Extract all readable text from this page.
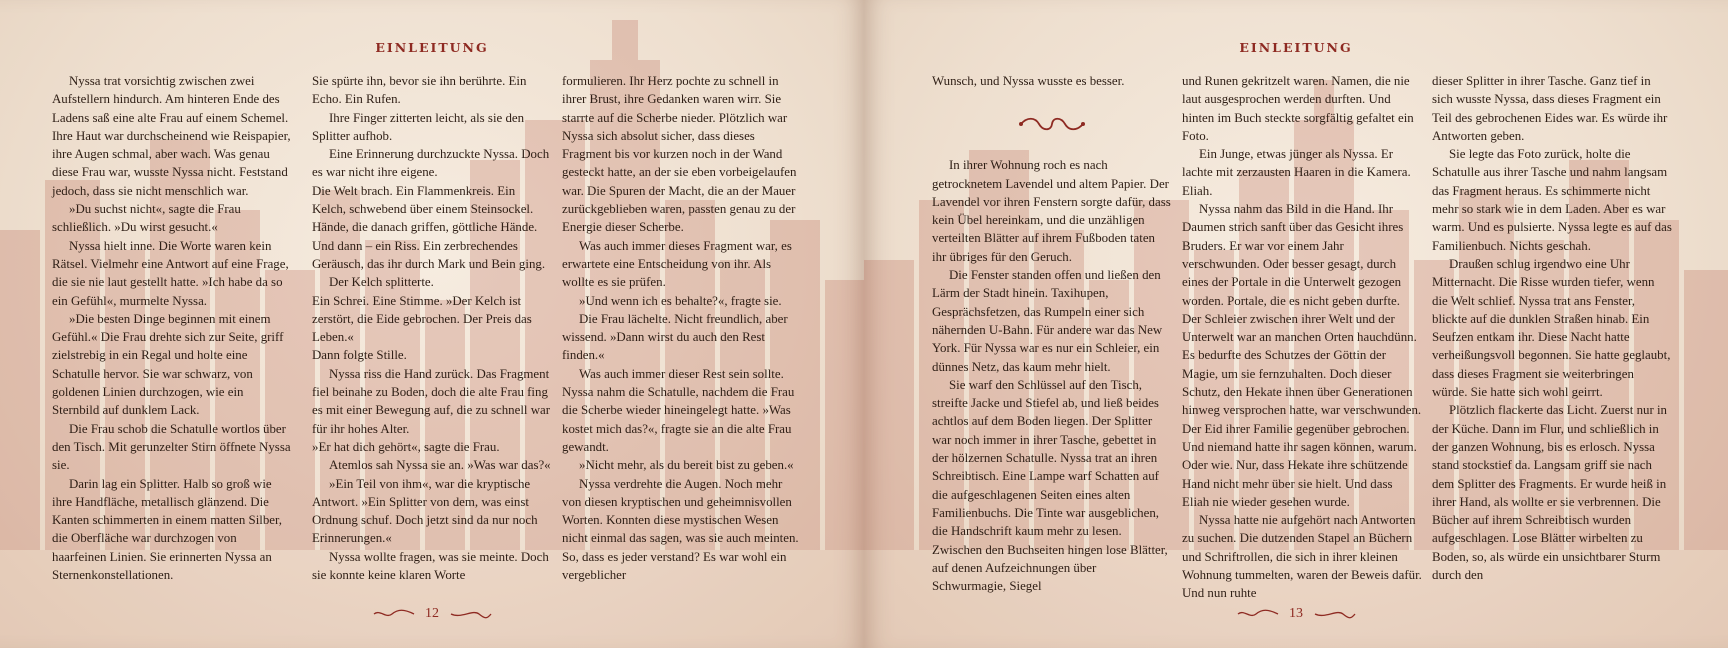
EINLEITUNG

Nyssa trat vorsichtig zwischen zwei Aufstellern hindurch. Am hinteren Ende des Ladens saß eine alte Frau auf einem Schemel. Ihre Haut war durchscheinend wie Reispapier, ihre Augen schmal, aber wach. Was genau diese Frau war, wusste Nyssa nicht. Feststand jedoch, dass sie nicht menschlich war.

»Du suchst nicht«, sagte die Frau schließlich. »Du wirst gesucht.«

Nyssa hielt inne. Die Worte waren kein Rätsel. Vielmehr eine Antwort auf eine Frage, die sie nie laut gestellt hatte. »Ich habe da so ein Gefühl«, murmelte Nyssa.

»Die besten Dinge beginnen mit einem Gefühl.« Die Frau drehte sich zur Seite, griff zielstrebig in ein Regal und holte eine Schatulle hervor. Sie war schwarz, von goldenen Linien durchzogen, wie ein Sternbild auf dunklem Lack.

Die Frau schob die Schatulle wortlos über den Tisch. Mit gerunzelter Stirn öffnete Nyssa sie.

Darin lag ein Splitter. Halb so groß wie ihre Handfläche, metallisch glänzend. Die Kanten schimmerten in einem matten Silber, die Oberfläche war durchzogen von haarfeinen Linien. Sie erinnerten Nyssa an Sternenkonstellationen.

Sie spürte ihn, bevor sie ihn berührte. Ein Echo. Ein Rufen.

Ihre Finger zitterten leicht, als sie den Splitter aufhob.

Eine Erinnerung durchzuckte Nyssa. Doch es war nicht ihre eigene.

Die Welt brach. Ein Flammenkreis. Ein Kelch, schwebend über einem Steinsockel. Hände, die danach griffen, göttliche Hände. Und dann – ein Riss. Ein zerbrechendes Geräusch, das ihr durch Mark und Bein ging.

Der Kelch splitterte.

Ein Schrei. Eine Stimme. »Der Kelch ist zerstört, die Eide gebrochen. Der Preis das Leben.«

Dann folgte Stille.

Nyssa riss die Hand zurück. Das Fragment fiel beinahe zu Boden, doch die alte Frau fing es mit einer Bewegung auf, die zu schnell war für ihr hohes Alter.

»Er hat dich gehört«, sagte die Frau.

Atemlos sah Nyssa sie an. »Was war das?«

»Ein Teil von ihm«, war die kryptische Antwort. »Ein Splitter von dem, was einst Ordnung schuf. Doch jetzt sind da nur noch Erinnerungen.«

Nyssa wollte fragen, was sie meinte. Doch sie konnte keine klaren Worte

formulieren. Ihr Herz pochte zu schnell in ihrer Brust, ihre Gedanken waren wirr. Sie starrte auf die Scherbe nieder. Plötzlich war Nyssa sich absolut sicher, dass dieses Fragment bis vor kurzen noch in der Wand gesteckt hatte, an der sie eben vorbeigelaufen war. Die Spuren der Macht, die an der Mauer zurückgeblieben waren, passten genau zu der Energie dieser Scherbe.

Was auch immer dieses Fragment war, es erwartete eine Entscheidung von ihr. Als wollte es sie prüfen.

»Und wenn ich es behalte?«, fragte sie.

Die Frau lächelte. Nicht freundlich, aber wissend. »Dann wirst du auch den Rest finden.«

Was auch immer dieser Rest sein sollte. Nyssa nahm die Schatulle, nachdem die Frau die Scherbe wieder hineingelegt hatte. »Was kostet mich das?«, fragte sie an die alte Frau gewandt.

»Nicht mehr, als du bereit bist zu geben.«

Nyssa verdrehte die Augen. Noch mehr von diesen kryptischen und geheimnisvollen Worten. Konnten diese mystischen Wesen nicht einmal das sagen, was sie auch meinten. So, dass es jeder verstand? Es war wohl ein vergeblicher

12
EINLEITUNG

Wunsch, und Nyssa wusste es besser.

In ihrer Wohnung roch es nach getrocknetem Lavendel und altem Papier. Der Lavendel vor ihren Fenstern sorgte dafür, dass kein Übel hereinkam, und die unzähligen verteilten Blätter auf ihrem Fußboden taten ihr übriges für den Geruch.

Die Fenster standen offen und ließen den Lärm der Stadt hinein. Taxihupen, Gesprächsfetzen, das Rumpeln einer sich nähernden U-Bahn. Für andere war das New York. Für Nyssa war es nur ein Schleier, ein dünnes Netz, das kaum mehr hielt.

Sie warf den Schlüssel auf den Tisch, streifte Jacke und Stiefel ab, und ließ beides achtlos auf dem Boden liegen. Der Splitter war noch immer in ihrer Tasche, gebettet in der hölzernen Schatulle. Nyssa trat an ihren Schreibtisch. Eine Lampe warf Schatten auf die aufgeschlagenen Seiten eines alten Familienbuchs. Die Tinte war ausgeblichen, die Handschrift kaum mehr zu lesen. Zwischen den Buchseiten hingen lose Blätter, auf denen Aufzeichnungen über Schwurmagie, Siegel

und Runen gekritzelt waren. Namen, die nie laut ausgesprochen werden durften. Und hinten im Buch steckte sorgfältig gefaltet ein Foto.

Ein Junge, etwas jünger als Nyssa. Er lachte mit zerzausten Haaren in die Kamera. Eliah.

Nyssa nahm das Bild in die Hand. Ihr Daumen strich sanft über das Gesicht ihres Bruders. Er war vor einem Jahr verschwunden. Oder besser gesagt, durch eines der Portale in die Unterwelt gezogen worden. Portale, die es nicht geben durfte. Der Schleier zwischen ihrer Welt und der Unterwelt war an manchen Orten hauchdünn. Es bedurfte des Schutzes der Göttin der Magie, um sie fernzuhalten. Doch dieser Schutz, den Hekate ihnen über Generationen hinweg versprochen hatte, war verschwunden. Der Eid ihrer Familie gegenüber gebrochen. Und niemand hatte ihr sagen können, warum. Oder wie. Nur, dass Hekate ihre schützende Hand nicht mehr über sie hielt. Und dass Eliah nie wieder gesehen wurde.

Nyssa hatte nie aufgehört nach Antworten zu suchen. Die dutzenden Stapel an Büchern und Schriftrollen, die sich in ihrer kleinen Wohnung tummelten, waren der Beweis dafür. Und nun ruhte

dieser Splitter in ihrer Tasche. Ganz tief in sich wusste Nyssa, dass dieses Fragment ein Teil des gebrochenen Eides war. Es würde ihr Antworten geben.

Sie legte das Foto zurück, holte die Schatulle aus ihrer Tasche und nahm langsam das Fragment heraus. Es schimmerte nicht mehr so stark wie in dem Laden. Aber es war warm. Und es pulsierte. Nyssa legte es auf das Familienbuch. Nichts geschah.

Draußen schlug irgendwo eine Uhr Mitternacht. Die Risse wurden tiefer, wenn die Welt schlief. Nyssa trat ans Fenster, blickte auf die dunklen Straßen hinab. Ein Seufzen entkam ihr. Diese Nacht hatte verheißungsvoll begonnen. Sie hatte geglaubt, dass dieses Fragment sie weiterbringen würde. Sie hatte sich wohl geirrt.

Plötzlich flackerte das Licht. Zuerst nur in der Küche. Dann im Flur, und schließlich in der ganzen Wohnung, bis es erlosch. Nyssa stand stockstief da. Langsam griff sie nach dem Splitter des Fragments. Er wurde heiß in ihrer Hand, als wollte er sie verbrennen. Die Bücher auf ihrem Schreibtisch wurden aufgeschlagen. Lose Blätter wirbelten zu Boden, so, als würde ein unsichtbarer Sturm durch den

13
